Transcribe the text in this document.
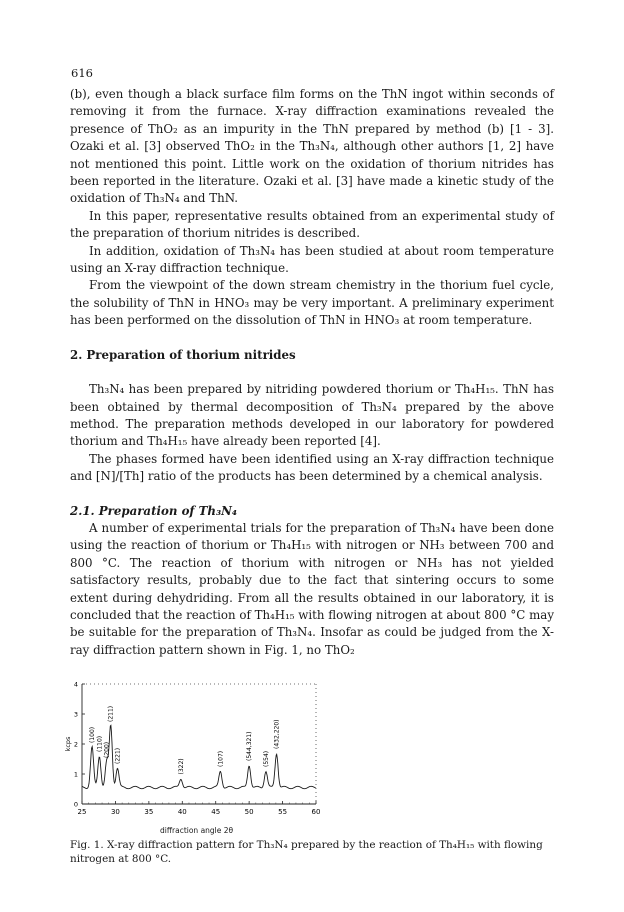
616

(b), even though a black surface film forms on the ThN ingot within seconds of removing it from the furnace. X-ray diffraction examinations revealed the presence of ThO₂ as an impurity in the ThN prepared by method (b) [1 - 3]. Ozaki et al. [3] observed ThO₂ in the Th₃N₄, although other authors [1, 2] have not mentioned this point. Little work on the oxidation of thorium nitrides has been reported in the literature. Ozaki et al. [3] have made a kinetic study of the oxidation of Th₃N₄ and ThN.

In this paper, representative results obtained from an experimental study of the preparation of thorium nitrides is described.

In addition, oxidation of Th₃N₄ has been studied at about room temperature using an X-ray diffraction technique.

From the viewpoint of the down stream chemistry in the thorium fuel cycle, the solubility of ThN in HNO₃ may be very important. A preliminary experiment has been performed on the dissolution of ThN in HNO₃ at room temperature.

2. Preparation of thorium nitrides

Th₃N₄ has been prepared by nitriding powdered thorium or Th₄H₁₅. ThN has been obtained by thermal decomposition of Th₃N₄ prepared by the above method. The preparation methods developed in our laboratory for powdered thorium and Th₄H₁₅ have already been reported [4].

The phases formed have been identified using an X-ray diffraction technique and [N]/[Th] ratio of the products has been determined by a chemical analysis.

2.1. Preparation of Th₃N₄

A number of experimental trials for the preparation of Th₃N₄ have been done using the reaction of thorium or Th₄H₁₅ with nitrogen or NH₃ between 700 and 800 °C. The reaction of thorium with nitrogen or NH₃ has not yielded satisfactory results, probably due to the fact that sintering occurs to some extent during dehydriding. From all the results obtained in our laboratory, it is concluded that the reaction of Th₄H₁₅ with flowing nitrogen at about 800 °C may be suitable for the preparation of Th₃N₄. Insofar as could be judged from the X-ray diffraction pattern shown in Fig. 1, no ThO₂

25	30	35	40	45	50	55	60
0
1
2
3
4
kcps
(100)
(110) (200)
(211)
(221)
(322)	(107)	(544,321) (554)
(432,220)
diffraction angle 2θ

Fig. 1. X-ray diffraction pattern for Th₃N₄ prepared by the reaction of Th₄H₁₅ with flowing nitrogen at 800 °C.
